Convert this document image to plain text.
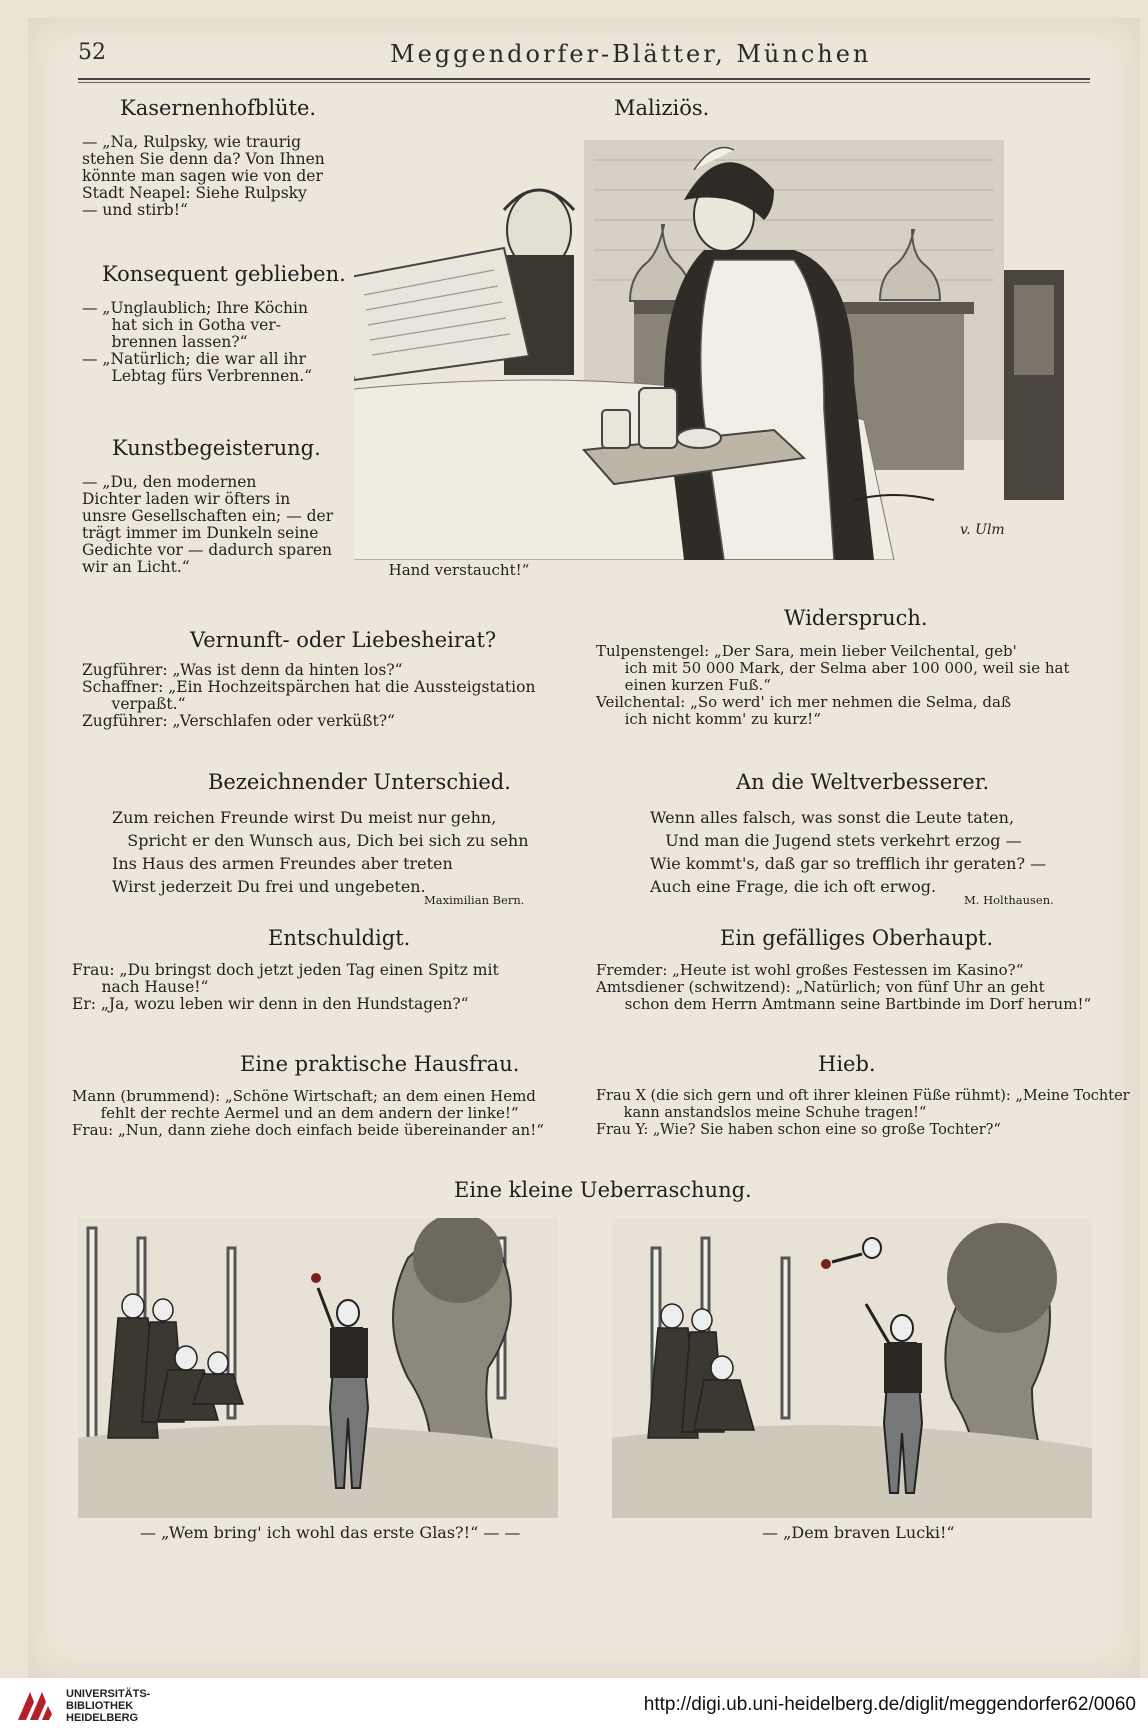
52	Meggendorfer-Blätter, München
Kasernenhofblüte.
— „Na, Rulpsky, wie traurig
stehen Sie denn da? Von Ihnen
könnte man sagen wie von der
Stadt Neapel: Siehe Rulpsky
— und stirb!“
Konsequent geblieben.
— „Unglaublich; Ihre Köchin
hat sich in Gotha ver-
brennen lassen?“
— „Natürlich; die war all ihr
Lebtag fürs Verbrennen.“
Kunstbegeisterung.
— „Du, den modernen
Dichter laden wir öfters in
unsre Gesellschaften ein; — der
trägt immer im Dunkeln seine
Gedichte vor — dadurch sparen
wir an Licht.“
Maliziös.

Hand verstaucht!“
v. Ulm
Vernunft- oder Liebesheirat?
Zugführer: „Was ist denn da hinten los?“
Schaffner: „Ein Hochzeitspärchen hat die Aussteigstation
verpaßt.“
Zugführer: „Verschlafen oder verküßt?“
Widerspruch.
Tulpenstengel: „Der Sara, mein lieber Veilchental, geb'
ich mit 50 000 Mark, der Selma aber 100 000, weil sie hat
einen kurzen Fuß.“
Veilchental: „So werd' ich mer nehmen die Selma, daß
ich nicht komm' zu kurz!“
Bezeichnender Unterschied.
Zum reichen Freunde wirst Du meist nur gehn,
Spricht er den Wunsch aus, Dich bei sich zu sehn
Ins Haus des armen Freundes aber treten
Wirst jederzeit Du frei und ungebeten.
Maximilian Bern.
An die Weltverbesserer.
Wenn alles falsch, was sonst die Leute taten,
Und man die Jugend stets verkehrt erzog —
Wie kommt's, daß gar so trefflich ihr geraten? —
Auch eine Frage, die ich oft erwog.
M. Holthausen.
Entschuldigt.
Frau: „Du bringst doch jetzt jeden Tag einen Spitz mit
nach Hause!“
Er: „Ja, wozu leben wir denn in den Hundstagen?“
Ein gefälliges Oberhaupt.
Fremder: „Heute ist wohl großes Festessen im Kasino?“
Amtsdiener (schwitzend): „Natürlich; von fünf Uhr an geht
schon dem Herrn Amtmann seine Bartbinde im Dorf herum!“
Eine praktische Hausfrau.
Mann (brummend): „Schöne Wirtschaft; an dem einen Hemd
fehlt der rechte Aermel und an dem andern der linke!“
Frau: „Nun, dann ziehe doch einfach beide übereinander an!“
Hieb.
Frau X (die sich gern und oft ihrer kleinen Füße rühmt): „Meine Tochter
kann anstandslos meine Schuhe tragen!“
Frau Y: „Wie? Sie haben schon eine so große Tochter?“
Eine kleine Ueberraschung.
— „Wem bring' ich wohl das erste Glas?!“ — —	— „Dem braven Lucki!“
UNIVERSITÄTS-
BIBLIOTHEK
HEIDELBERG
http://digi.ub.uni-heidelberg.de/diglit/meggendorfer62/0060
